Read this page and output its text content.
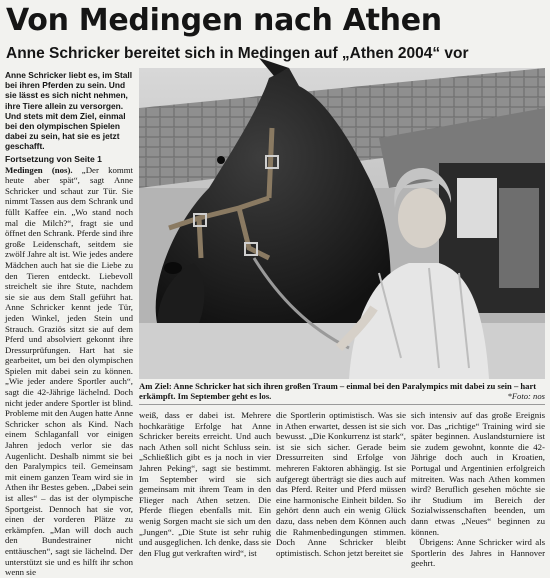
Von Medingen nach Athen
Anne Schricker bereitet sich in Medingen auf „Athen 2004“ vor

Anne Schricker liebt es, im Stall bei ihren Pferden zu sein. Und sie lässt es sich nicht nehmen, ihre Tiere allein zu versorgen. Und stets mit dem Ziel, einmal bei den olympischen Spielen dabei zu sein, hat sie es jetzt geschafft.

Fortsetzung von Seite 1

Medingen (nos). „Der kommt heute aber spät“, sagt Anne Schricker und schaut zur Tür. Sie nimmt Tassen aus dem Schrank und füllt Kaffee ein. „Wo stand noch mal die Milch?“, fragt sie und öffnet den Schrank. Pferde sind ihre große Leidenschaft, seitdem sie zwölf Jahre alt ist. Wie jedes andere Mädchen auch hat sie die Liebe zu den Tieren entdeckt. Liebevoll streichelt sie ihre Stute, nachdem sie sie aus dem Stall geführt hat. Anne Schricker kennt jede Tür, jeden Winkel, jeden Stein und Strauch. Graziös sitzt sie auf dem Pferd und absolviert gekonnt ihre Dressurprüfungen. Hart hat sie gearbeitet, um bei den olympischen Spielen mit dabei sein zu können. „Wie jeder andere Sportler auch“, sagt die 42-Jährige lächelnd. Doch nicht jeder andere Sportler ist blind. Probleme mit den Augen hatte Anne Schricker schon als Kind. Nach einem Schlaganfall vor einigen Jahren jedoch verlor sie das Augenlicht. Deshalb nimmt sie bei den Paralympics teil. Gemeinsam mit einem ganzen Team wird sie in Athen ihr Bestes geben. „Dabei sein ist alles“ – das ist der olympische Sportgeist. Dennoch hat sie vor, einen der vorderen Plätze zu erkämpfen. „Man will doch auch den Bundestrainer nicht enttäuschen“, sagt sie lächelnd. Der unterstützt sie und es hilft ihr schon wenn sie

Am Ziel: Anne Schricker hat sich ihren großen Traum – einmal bei den Paralympics mit dabei zu sein – hart erkämpft. Im September geht es los.	*Foto: nos

weiß, dass er dabei ist. Mehrere hochkarätige Erfolge hat Anne Schricker bereits erreicht. Und auch nach Athen soll nicht Schluss sein. „Schließlich gibt es ja noch in vier Jahren Peking“, sagt sie bestimmt. Im September wird sie sich gemeinsam mit ihrem Team in den Flieger nach Athen setzen. Die Pferde fliegen ebenfalls mit. Ein wenig Sorgen macht sie sich um den „Jungen“. „Die Stute ist sehr ruhig und ausgeglichen. Ich denke, dass sie den Flug gut verkraften wird“, ist

die Sportlerin optimistisch. Was sie in Athen erwartet, dessen ist sie sich bewusst. „Die Konkurrenz ist stark“, ist sie sich sicher. Gerade beim Dressurreiten sind Erfolge von mehreren Faktoren abhängig. Ist sie aufgeregt überträgt sie dies auch auf das Pferd. Reiter und Pferd müssen eine harmonische Einheit bilden. So gehört denn auch ein wenig Glück dazu, dass neben dem Können auch die Rahmenbedingungen stimmen. Doch Anne Schricker bleibt optimistisch. Schon jetzt bereitet sie

sich intensiv auf das große Ereignis vor. Das „richtige“ Training wird sie später beginnen. Auslandsturniere ist sie zudem gewohnt, konnte die 42-Jährige doch auch in Kroatien, Portugal und Argentinien erfolgreich mitreiten. Was nach Athen kommen wird? Beruflich gesehen möchte sie ihr Studium im Bereich der Sozialwissenschaften beenden, um dann etwas „Neues“ beginnen zu können.

Übrigens: Anne Schricker wird als Sportlerin des Jahres in Hannover geehrt.
